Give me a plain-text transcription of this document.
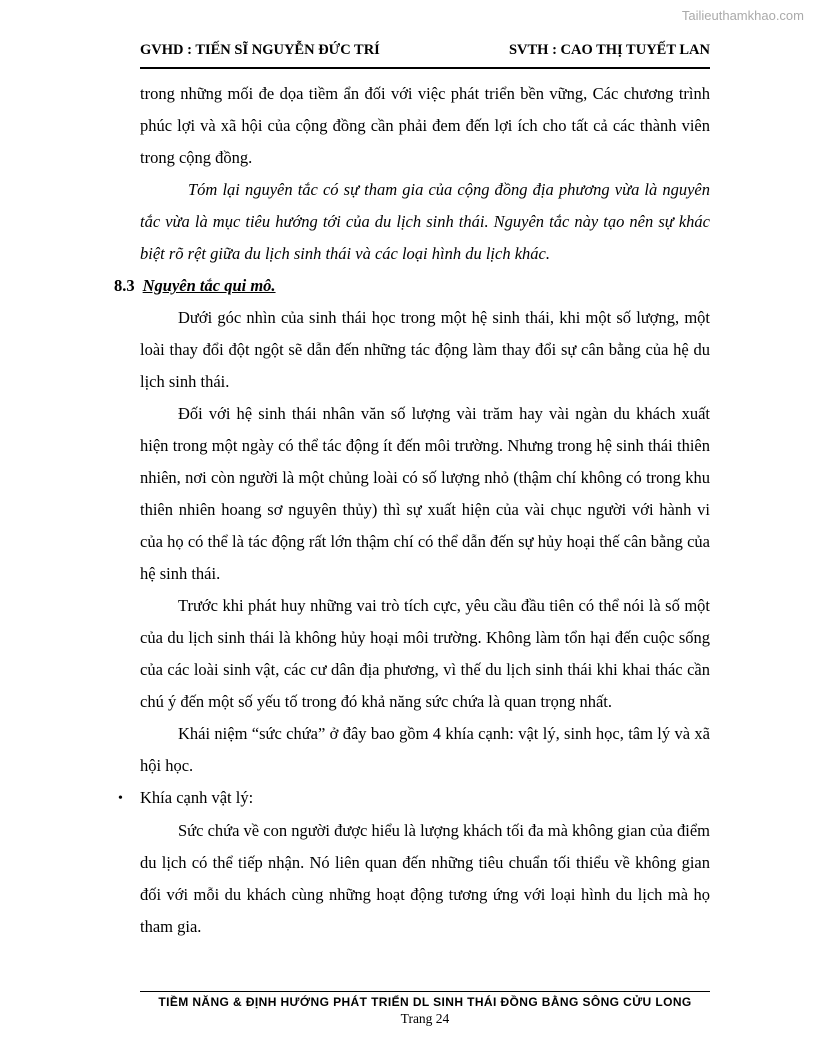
Tailieuthamkhao.com
GVHD : TIẾN SĨ NGUYỄN ĐỨC TRÍ	SVTH : CAO THỊ TUYẾT LAN

trong những mối đe dọa tiềm ẩn đối với việc phát triển bền vững, Các chương trình phúc lợi và xã hội của cộng đồng cần phải đem đến lợi ích cho tất cả các thành viên trong cộng đồng.

Tóm lại nguyên tắc có sự tham gia của cộng đồng địa phương vừa là nguyên tắc vừa là mục tiêu hướng tới của du lịch sinh thái. Nguyên tắc này tạo nên sự khác biệt rõ rệt giữa du lịch sinh thái và các loại hình du lịch khác.

8.3 Nguyên tắc qui mô.

Dưới góc nhìn của sinh thái học trong một hệ sinh thái, khi một số lượng, một loài thay đổi đột ngột sẽ dẫn đến những tác động làm thay đổi sự cân bằng của hệ du lịch sinh thái.

Đối với hệ sinh thái nhân văn số lượng vài trăm hay vài ngàn du khách xuất hiện trong một ngày có thể tác động ít đến môi trường. Nhưng trong hệ sinh thái thiên nhiên, nơi còn người là một chủng loài có số lượng nhỏ (thậm chí không có trong khu thiên nhiên hoang sơ nguyên thủy) thì sự xuất hiện của vài chục người với hành vi của họ có thể là tác động rất lớn thậm chí có thể dẫn đến sự hủy hoại thế cân bằng của hệ sinh thái.

Trước khi phát huy những vai trò tích cực, yêu cầu đầu tiên có thể nói là số một của du lịch sinh thái là không hủy hoại môi trường. Không làm tổn hại đến cuộc sống của các loài sinh vật, các cư dân địa phương, vì thế du lịch sinh thái khi khai thác cần chú ý đến một số yếu tố trong đó khả năng sức chứa là quan trọng nhất.

Khái niệm “sức chứa” ở đây bao gồm 4 khía cạnh: vật lý, sinh học, tâm lý và xã hội học.

• Khía cạnh vật lý:

Sức chứa về con người được hiểu là lượng khách tối đa mà không gian của điểm du lịch có thể tiếp nhận. Nó liên quan đến những tiêu chuẩn tối thiểu về không gian đối với mỗi du khách cùng những hoạt động tương ứng với loại hình du lịch mà họ tham gia.

TIỀM NĂNG & ĐỊNH HƯỚNG PHÁT TRIỂN DL SINH THÁI ĐỒNG BẰNG SÔNG CỬU LONG
Trang 24
